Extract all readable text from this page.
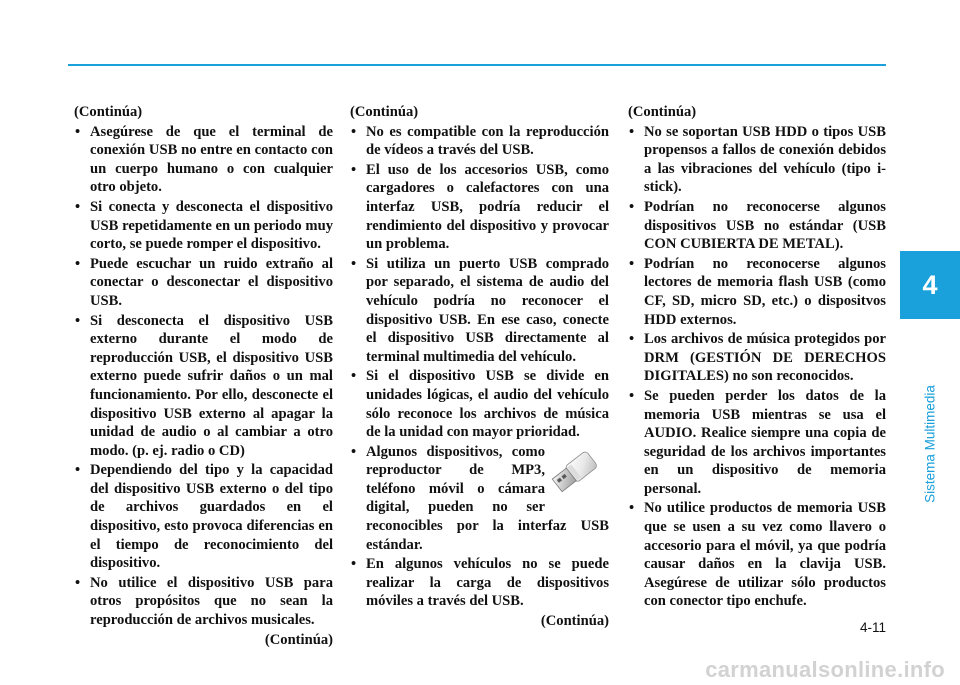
(Continúa)
• Asegúrese de que el terminal de conexión USB no entre en contacto con un cuerpo humano o con cualquier otro objeto.
• Si conecta y desconecta el dispositivo USB repetidamente en un periodo muy corto, se puede romper el dispositivo.
• Puede escuchar un ruido extraño al conectar o desconectar el dispositivo USB.
• Si desconecta el dispositivo USB externo durante el modo de reproducción USB, el dispositivo USB externo puede sufrir daños o un mal funcionamiento. Por ello, desconecte el dispositivo USB externo al apagar la unidad de audio o al cambiar a otro modo. (p. ej. radio o CD)
• Dependiendo del tipo y la capacidad del dispositivo USB externo o del tipo de archivos guardados en el dispositivo, esto provoca diferencias en el tiempo de reconocimiento del dispositivo.
• No utilice el dispositivo USB para otros propósitos que no sean la reproducción de archivos musicales.
(Continúa)
(Continúa)
• No es compatible con la reproducción de vídeos a través del USB.
• El uso de los accesorios USB, como cargadores o calefactores con una interfaz USB, podría reducir el rendimiento del dispositivo y provocar un problema.
• Si utiliza un puerto USB comprado por separado, el sistema de audio del vehículo podría no reconocer el dispositivo USB. En ese caso, conecte el dispositivo USB directamente al terminal multimedia del vehículo.
• Si el dispositivo USB se divide en unidades lógicas, el audio del vehículo sólo reconoce los archivos de música de la unidad con mayor prioridad.
• Algunos dispositivos, como reproductor de MP3, teléfono móvil o cámara digital, pueden no ser reconocibles por la interfaz USB estándar.
• En algunos vehículos no se puede realizar la carga de dispositivos móviles a través del USB.
(Continúa)
(Continúa)
• No se soportan USB HDD o tipos USB propensos a fallos de conexión debidos a las vibraciones del vehículo (tipo i-stick).
• Podrían no reconocerse algunos dispositivos USB no estándar (USB CON CUBIERTA DE METAL).
• Podrían no reconocerse algunos lectores de memoria flash USB (como CF, SD, micro SD, etc.) o dispositvos HDD externos.
• Los archivos de música protegidos por DRM (GESTIÓN DE DERECHOS DIGITALES) no son reconocidos.
• Se pueden perder los datos de la memoria USB mientras se usa el AUDIO. Realice siempre una copia de seguridad de los archivos importantes en un dispositivo de memoria personal.
• No utilice productos de memoria USB que se usen a su vez como llavero o accesorio para el móvil, ya que podría causar daños en la clavija USB. Asegúrese de utilizar sólo productos con conector tipo enchufe.
4
Sistema Multimedia
4-11
carmanualsonline.info
